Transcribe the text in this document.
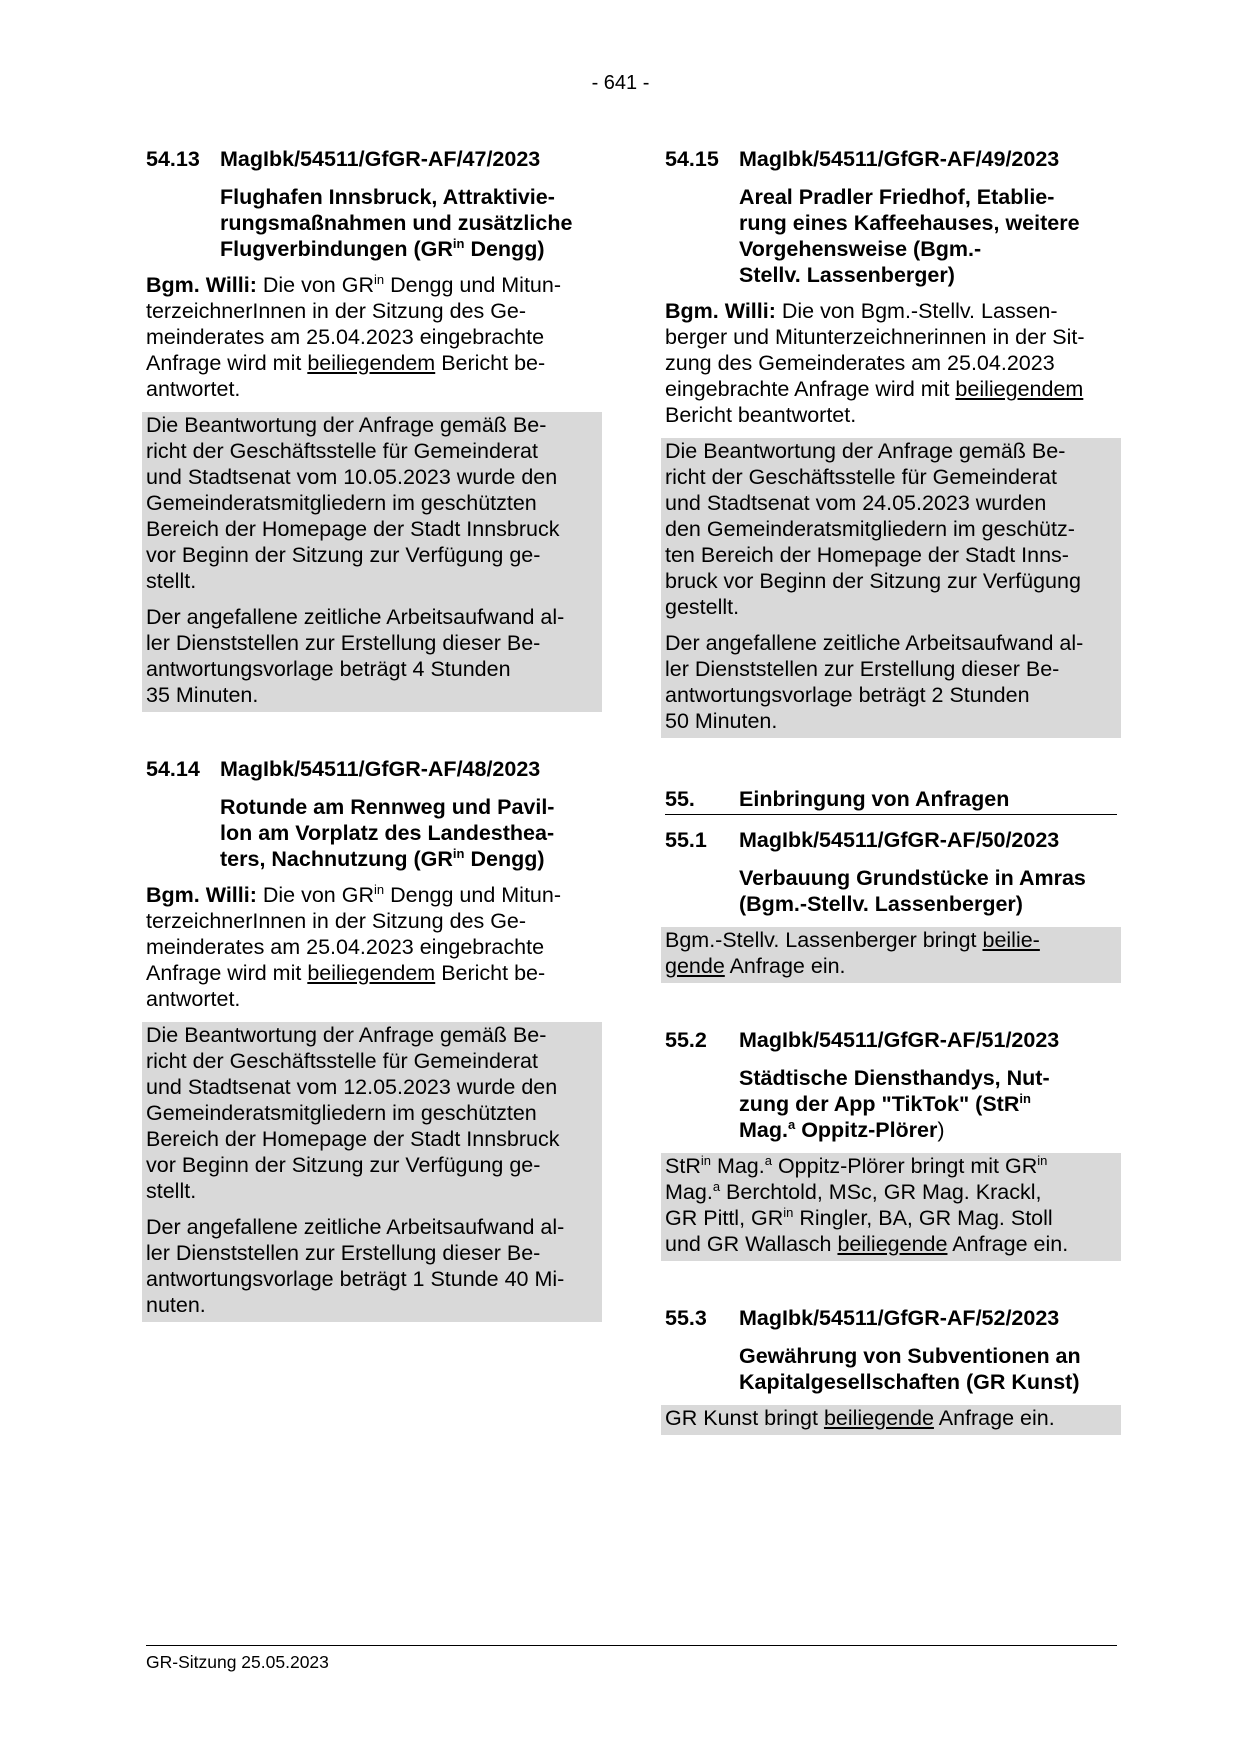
- 641 -
54.13 MagIbk/54511/GfGR-AF/47/2023
Flughafen Innsbruck, Attraktivie-
rungsmaßnahmen und zusätzliche
Flugverbindungen ($GR^{in}$ Dengg)
Bgm. Willi: Die von $GR^{in}$ Dengg und Mitun-
terzeichnerInnen in der Sitzung des Ge-
meinderates am 25.04.2023 eingebrachte
Anfrage wird mit beiliegendem Bericht be-
antwortet.
Die Beantwortung der Anfrage gemäß Be-
richt der Geschäftsstelle für Gemeinderat
und Stadtsenat vom 10.05.2023 wurde den
Gemeinderatsmitgliedern im geschützten
Bereich der Homepage der Stadt Innsbruck
vor Beginn der Sitzung zur Verfügung ge-
stellt.
Der angefallene zeitliche Arbeitsaufwand al-
ler Dienststellen zur Erstellung dieser Be-
antwortungsvorlage beträgt 4 Stunden
35 Minuten.
54.14 MagIbk/54511/GfGR-AF/48/2023
Rotunde am Rennweg und Pavil-
lon am Vorplatz des Landesthea-
ters, Nachnutzung ($GR^{in}$ Dengg)
Bgm. Willi: Die von $GR^{in}$ Dengg und Mitun-
terzeichnerInnen in der Sitzung des Ge-
meinderates am 25.04.2023 eingebrachte
Anfrage wird mit beiliegendem Bericht be-
antwortet.
Die Beantwortung der Anfrage gemäß Be-
richt der Geschäftsstelle für Gemeinderat
und Stadtsenat vom 12.05.2023 wurde den
Gemeinderatsmitgliedern im geschützten
Bereich der Homepage der Stadt Innsbruck
vor Beginn der Sitzung zur Verfügung ge-
stellt.
Der angefallene zeitliche Arbeitsaufwand al-
ler Dienststellen zur Erstellung dieser Be-
antwortungsvorlage beträgt 1 Stunde 40 Mi-
nuten.
54.15 MagIbk/54511/GfGR-AF/49/2023
Areal Pradler Friedhof, Etablie-
rung eines Kaffeehauses, weitere
Vorgehensweise (Bgm.-
Stellv. Lassenberger)
Bgm. Willi: Die von Bgm.-Stellv. Lassen-
berger und Mitunterzeichnerinnen in der Sit-
zung des Gemeinderates am 25.04.2023
eingebrachte Anfrage wird mit beiliegendem
Bericht beantwortet.
Die Beantwortung der Anfrage gemäß Be-
richt der Geschäftsstelle für Gemeinderat
und Stadtsenat vom 24.05.2023 wurden
den Gemeinderatsmitgliedern im geschütz-
ten Bereich der Homepage der Stadt Inns-
bruck vor Beginn der Sitzung zur Verfügung
gestellt.
Der angefallene zeitliche Arbeitsaufwand al-
ler Dienststellen zur Erstellung dieser Be-
antwortungsvorlage beträgt 2 Stunden
50 Minuten.
55.	Einbringung von Anfragen
55.1	MagIbk/54511/GfGR-AF/50/2023
Verbauung Grundstücke in Amras
(Bgm.-Stellv. Lassenberger)
Bgm.-Stellv. Lassenberger bringt beilie-
gende Anfrage ein.
55.2	MagIbk/54511/GfGR-AF/51/2023
Städtische Diensthandys, Nut-
zung der App "TikTok" (StR$^{in}$
Mag.$^a$ Oppitz-Plörer)
StR$^{in}$ Mag.$^a$ Oppitz-Plörer bringt mit $GR^{in}$
Mag.$^a$ Berchtold, MSc, GR Mag. Krackl,
GR Pittl, $GR^{in}$ Ringler, BA, GR Mag. Stoll
und GR Wallasch beiliegende Anfrage ein.
55.3	MagIbk/54511/GfGR-AF/52/2023
Gewährung von Subventionen an
Kapitalgesellschaften (GR Kunst)
GR Kunst bringt beiliegende Anfrage ein.
GR-Sitzung 25.05.2023
